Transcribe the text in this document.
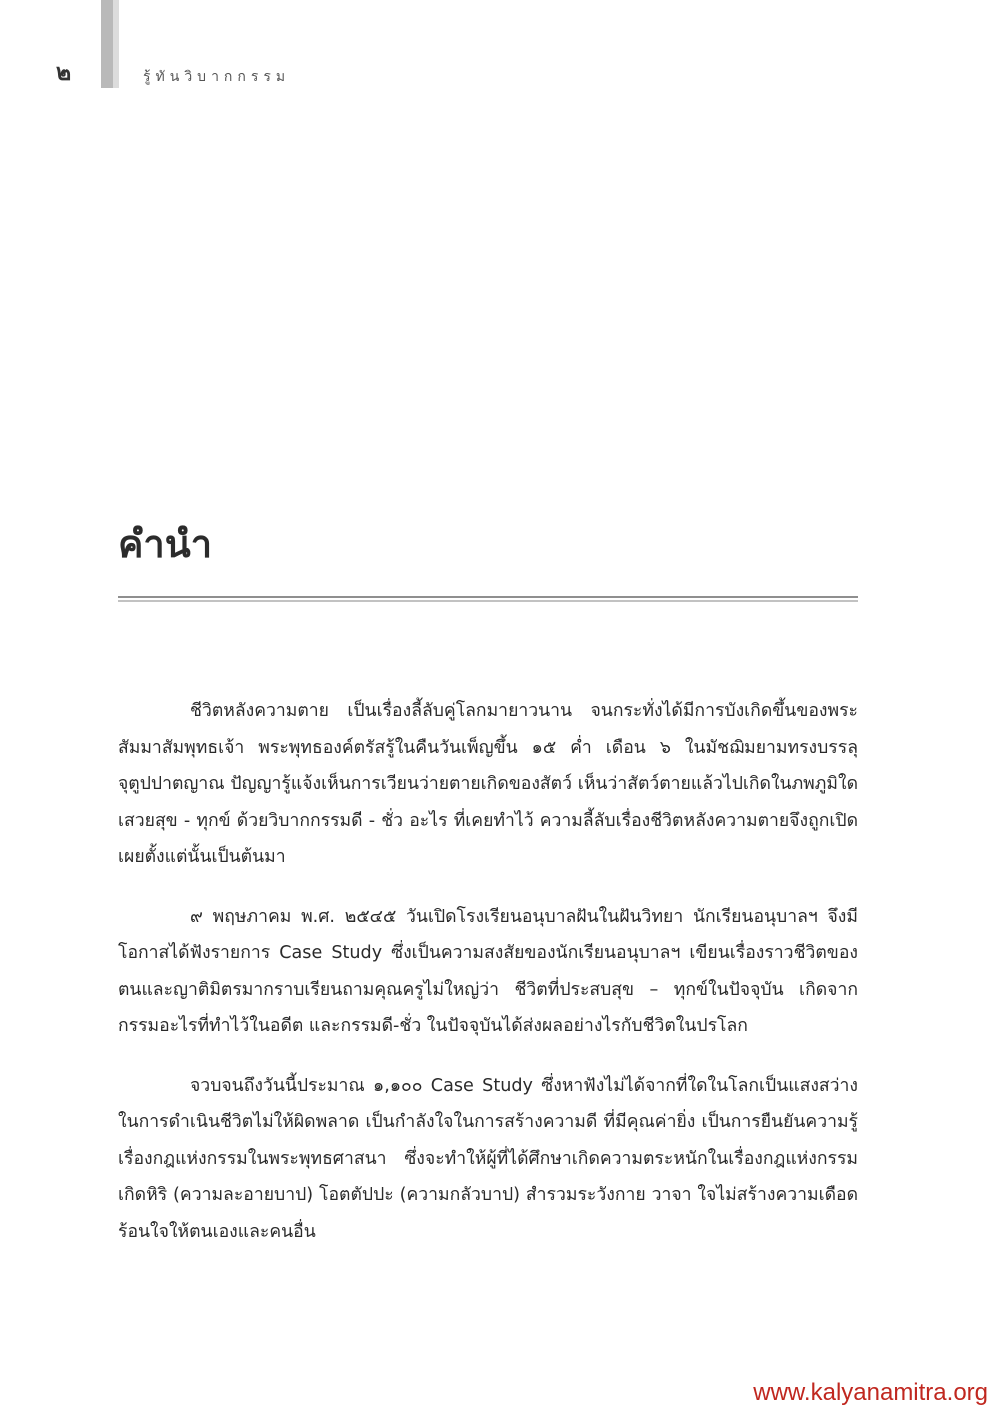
๒	รู้ทันวิบากกรรม
คำนำ

ชีวิตหลังความตาย เป็นเรื่องลี้ลับคู่โลกมายาวนาน จนกระทั่งได้มีการบังเกิดขึ้นของพระสัมมาสัมพุทธเจ้า พระพุทธองค์ตรัสรู้ในคืนวันเพ็ญขึ้น ๑๕ ค่ำ เดือน ๖ ในมัชฌิมยามทรงบรรลุจุตูปปาตญาณ ปัญญารู้แจ้งเห็นการเวียนว่ายตายเกิดของสัตว์ เห็นว่าสัตว์ตายแล้วไปเกิดในภพภูมิใด เสวยสุข - ทุกข์ ด้วยวิบากกรรมดี - ชั่ว อะไร ที่เคยทำไว้ ความลี้ลับเรื่องชีวิตหลังความตายจึงถูกเปิดเผยตั้งแต่นั้นเป็นต้นมา

๙ พฤษภาคม พ.ศ. ๒๕๔๕ วันเปิดโรงเรียนอนุบาลฝันในฝันวิทยา นักเรียนอนุบาลฯ จึงมีโอกาสได้ฟังรายการ Case Study ซึ่งเป็นความสงสัยของนักเรียนอนุบาลฯ เขียนเรื่องราวชีวิตของตนและญาติมิตรมากราบเรียนถามคุณครูไม่ใหญ่ว่า ชีวิตที่ประสบสุข – ทุกข์ในปัจจุบัน เกิดจากกรรมอะไรที่ทำไว้ในอดีต และกรรมดี-ชั่ว ในปัจจุบันได้ส่งผลอย่างไรกับชีวิตในปรโลก

จวบจนถึงวันนี้ประมาณ ๑,๑๐๐ Case Study ซึ่งหาฟังไม่ได้จากที่ใดในโลกเป็นแสงสว่างในการดำเนินชีวิตไม่ให้ผิดพลาด เป็นกำลังใจในการสร้างความดี ที่มีคุณค่ายิ่ง เป็นการยืนยันความรู้เรื่องกฎแห่งกรรมในพระพุทธศาสนา ซึ่งจะทำให้ผู้ที่ได้ศึกษาเกิดความตระหนักในเรื่องกฎแห่งกรรม เกิดหิริ (ความละอายบาป) โอตตัปปะ (ความกลัวบาป) สำรวมระวังกาย วาจา ใจไม่สร้างความเดือดร้อนใจให้ตนเองและคนอื่น

www.kalyanamitra.org
